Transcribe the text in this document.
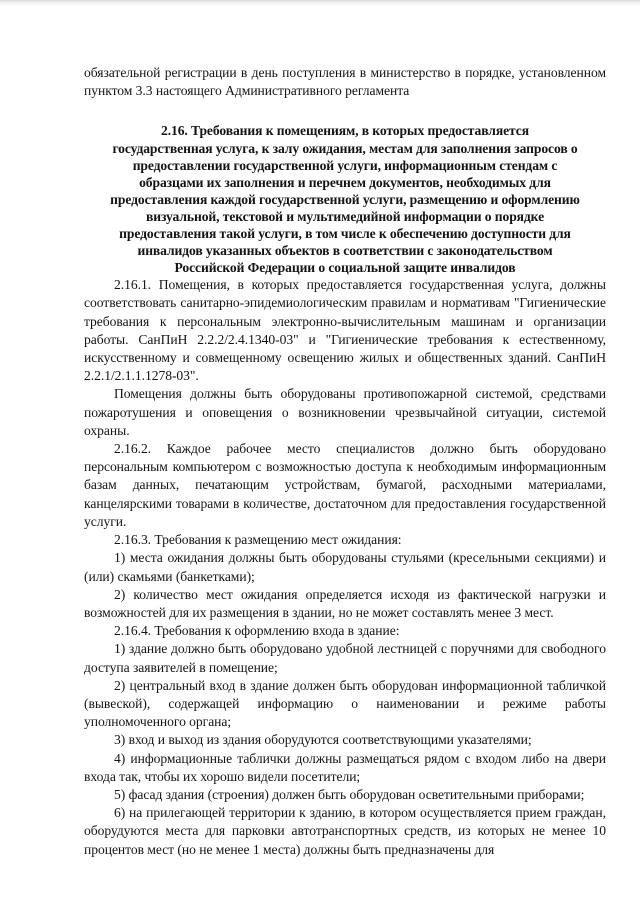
обязательной регистрации в день поступления в министерство в порядке, установленном пунктом 3.3 настоящего Административного регламента

2.16. Требования к помещениям, в которых предоставляется
государственная услуга, к залу ожидания, местам для заполнения запросов о
предоставлении государственной услуги, информационным стендам с
образцами их заполнения и перечнем документов, необходимых для
предоставления каждой государственной услуги, размещению и оформлению
визуальной, текстовой и мультимедийной информации о порядке
предоставления такой услуги, в том числе к обеспечению доступности для
инвалидов указанных объектов в соответствии с законодательством
Российской Федерации о социальной защите инвалидов

2.16.1. Помещения, в которых предоставляется государственная услуга, должны соответствовать санитарно-эпидемиологическим правилам и нормативам "Гигиенические требования к персональным электронно-вычислительным машинам и организации работы. СанПиН 2.2.2/2.4.1340-03" и "Гигиенические требования к естественному, искусственному и совмещенному освещению жилых и общественных зданий. СанПиН 2.2.1/2.1.1.1278-03".

Помещения должны быть оборудованы противопожарной системой, средствами пожаротушения и оповещения о возникновении чрезвычайной ситуации, системой охраны.

2.16.2. Каждое рабочее место специалистов должно быть оборудовано персональным компьютером с возможностью доступа к необходимым информационным базам данных, печатающим устройствам, бумагой, расходными материалами, канцелярскими товарами в количестве, достаточном для предоставления государственной услуги.

2.16.3. Требования к размещению мест ожидания:

1) места ожидания должны быть оборудованы стульями (кресельными секциями) и (или) скамьями (банкетками);

2) количество мест ожидания определяется исходя из фактической нагрузки и возможностей для их размещения в здании, но не может составлять менее 3 мест.

2.16.4. Требования к оформлению входа в здание:

1) здание должно быть оборудовано удобной лестницей с поручнями для свободного доступа заявителей в помещение;

2) центральный вход в здание должен быть оборудован информационной табличкой (вывеской), содержащей информацию о наименовании и режиме работы уполномоченного органа;

3) вход и выход из здания оборудуются соответствующими указателями;

4) информационные таблички должны размещаться рядом с входом либо на двери входа так, чтобы их хорошо видели посетители;

5) фасад здания (строения) должен быть оборудован осветительными приборами;

6) на прилегающей территории к зданию, в котором осуществляется прием граждан, оборудуются места для парковки автотранспортных средств, из которых не менее 10 процентов мест (но не менее 1 места) должны быть предназначены для
